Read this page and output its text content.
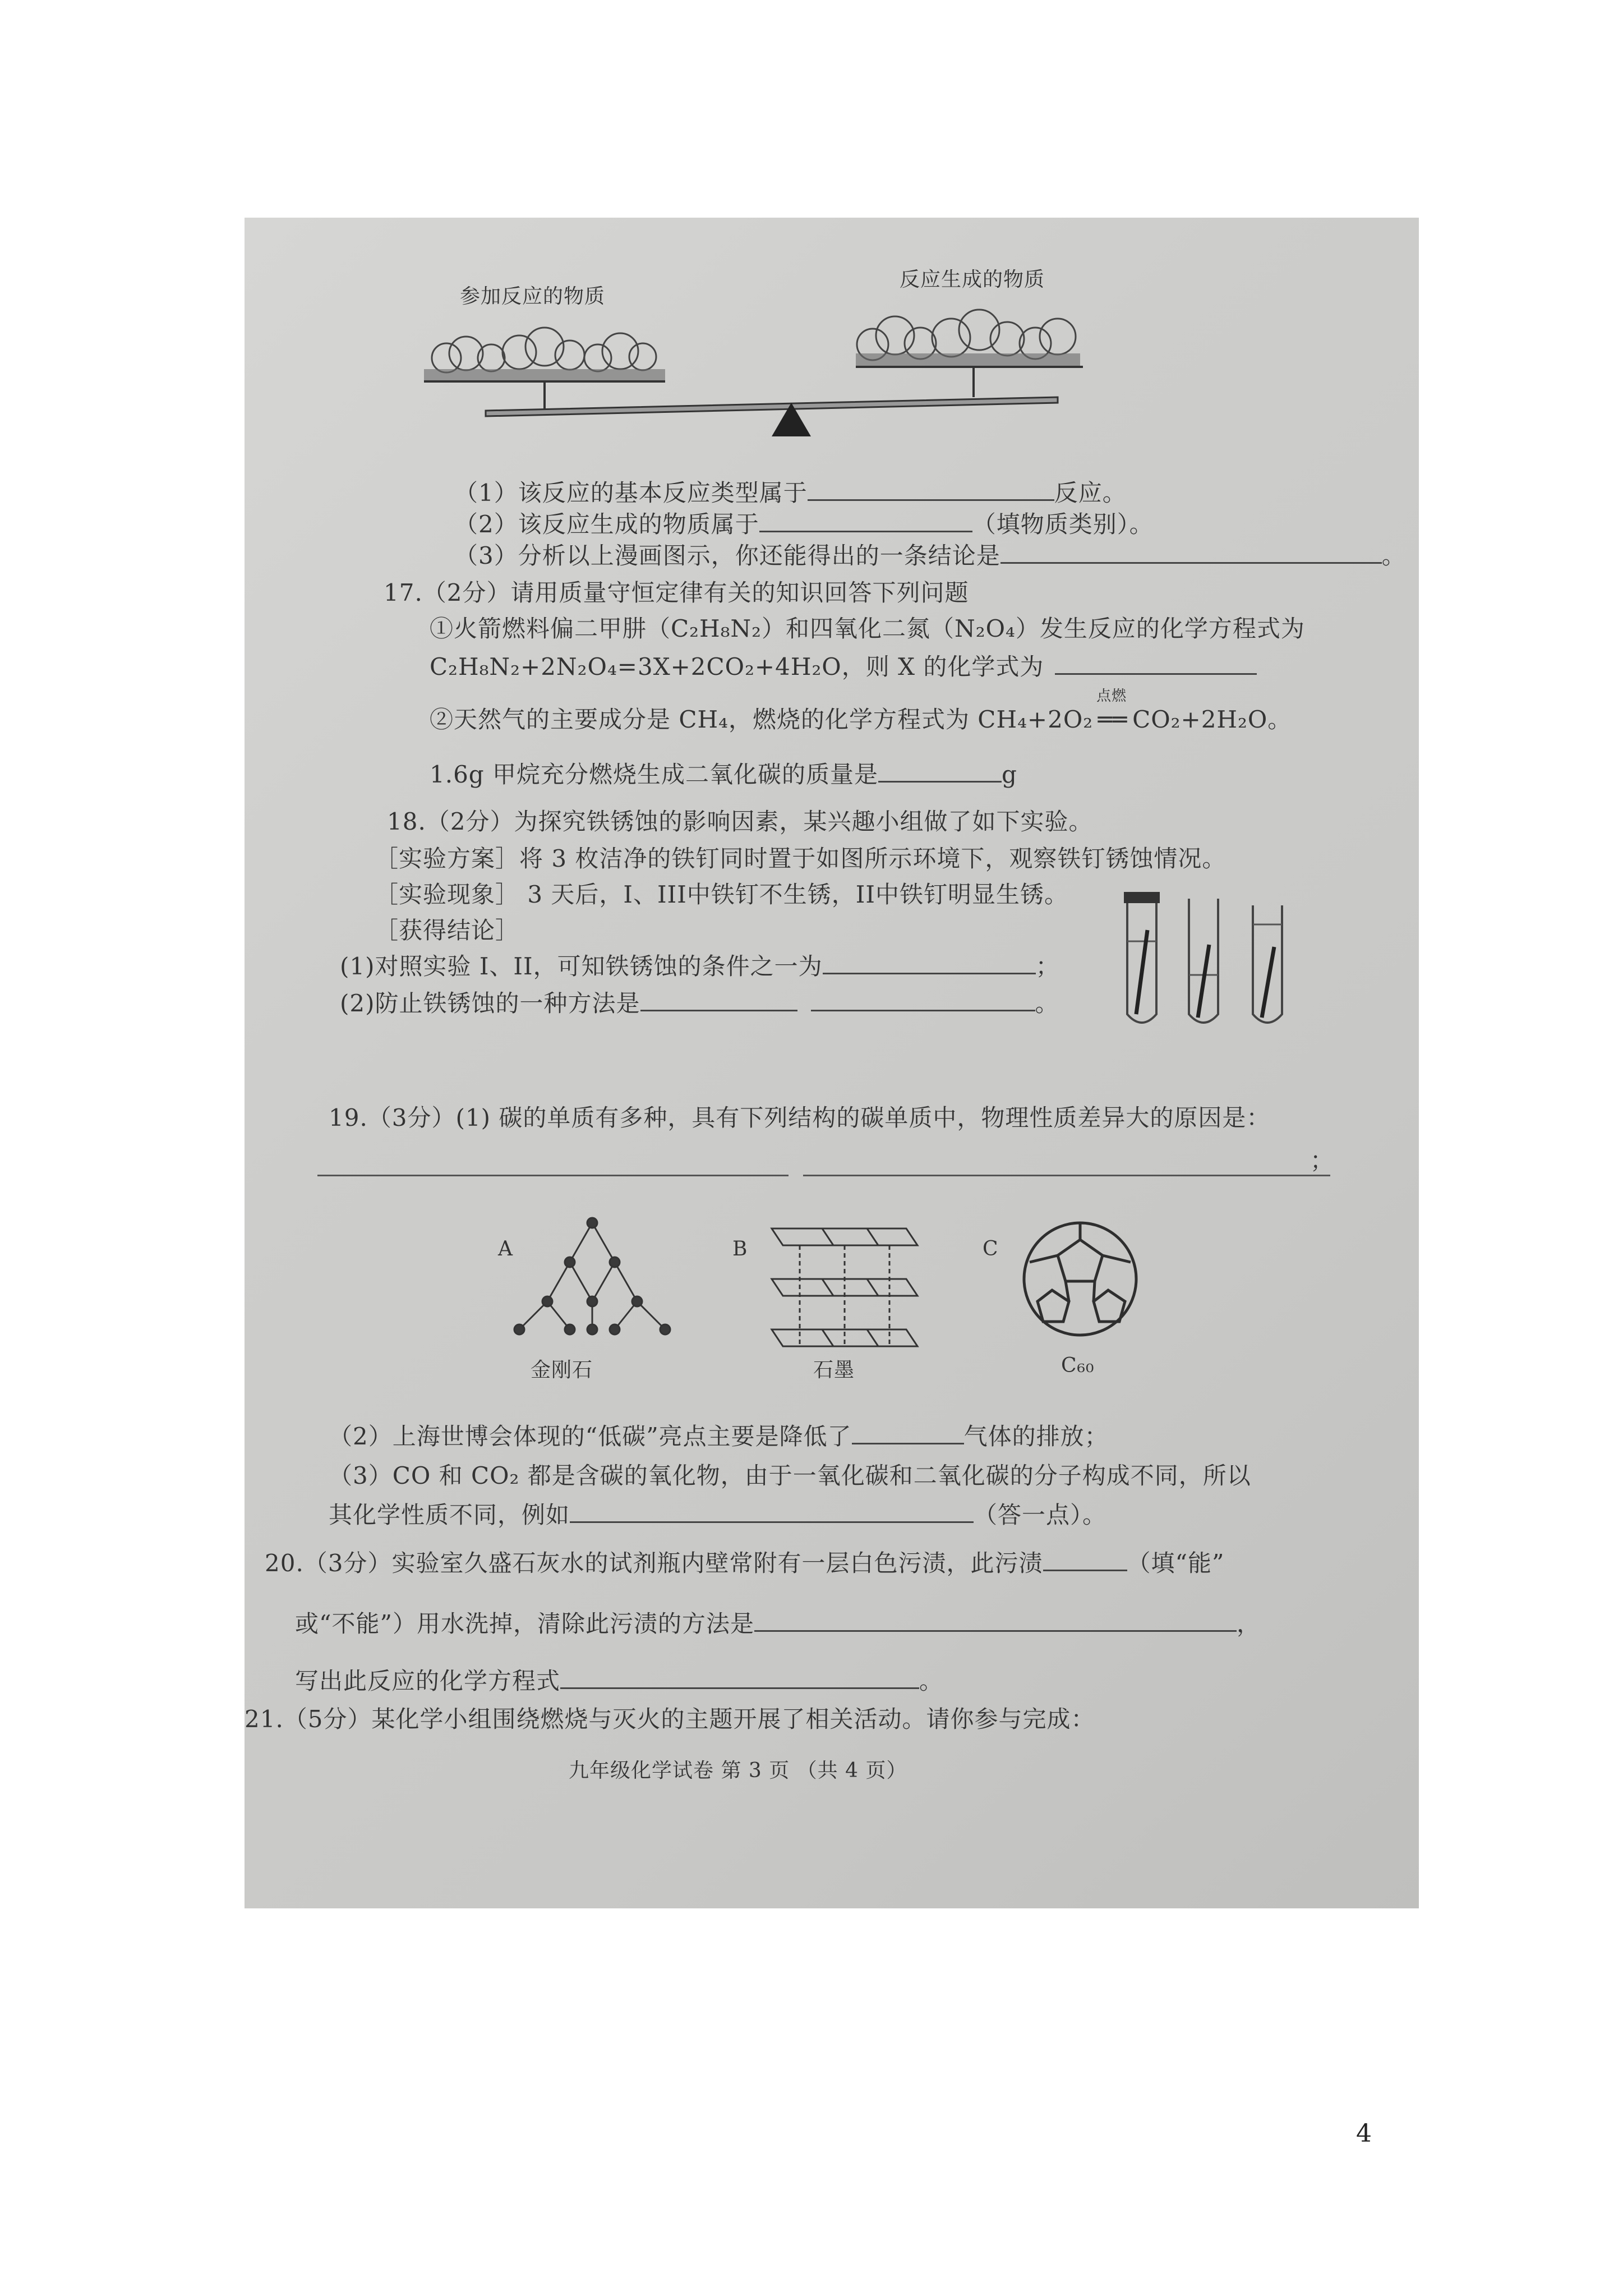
参加反应的物质
反应生成的物质
（1）该反应的基本反应类型属于	反应。
（2）该反应生成的物质属于	（填物质类别）。
（3）分析以上漫画图示，你还能得出的一条结论是	。
17.（2分）请用质量守恒定律有关的知识回答下列问题
①火箭燃料偏二甲肼（C₂H₈N₂）和四氧化二氮（N₂O₄）发生反应的化学方程式为
C₂H₈N₂+2N₂O₄=3X+2CO₂+4H₂O，则 X 的化学式为
②天然气的主要成分是 CH₄，燃烧的化学方程式为 CH₄+2O₂
点燃
══ CO₂+2H₂O。
1.6g 甲烷充分燃烧生成二氧化碳的质量是	g
18.（2分）为探究铁锈蚀的影响因素，某兴趣小组做了如下实验。
［实验方案］将 3 枚洁净的铁钉同时置于如图所示环境下，观察铁钉锈蚀情况。
［实验现象］ 3 天后，I、III中铁钉不生锈，II中铁钉明显生锈。
［获得结论］
(1)对照实验 I、II，可知铁锈蚀的条件之一为	；
(2)防止铁锈蚀的一种方法是	。
19.（3分）(1) 碳的单质有多种，具有下列结构的碳单质中，物理性质差异大的原因是：
；
A	B	C
金刚石	石墨	C₆₀
（2）上海世博会体现的“低碳”亮点主要是降低了	气体的排放；
（3）CO 和 CO₂ 都是含碳的氧化物，由于一氧化碳和二氧化碳的分子构成不同，所以
其化学性质不同，例如	（答一点）。
20.（3分）实验室久盛石灰水的试剂瓶内壁常附有一层白色污渍，此污渍	（填“能”
或“不能”）用水洗掉，清除此污渍的方法是	，
写出此反应的化学方程式	。
21.（5分）某化学小组围绕燃烧与灭火的主题开展了相关活动。请你参与完成：
九年级化学试卷 第 3 页 （共 4 页）
4
